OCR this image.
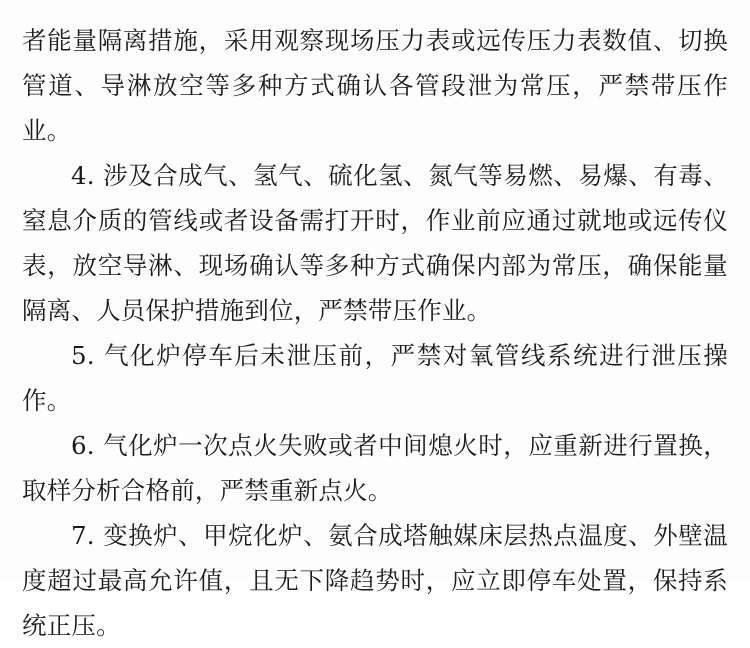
者能量隔离措施，采用观察现场压力表或远传压力表数值、切换管道、导淋放空等多种方式确认各管段泄为常压，严禁带压作业。

4. 涉及合成气、氢气、硫化氢、氮气等易燃、易爆、有毒、窒息介质的管线或者设备需打开时，作业前应通过就地或远传仪表，放空导淋、现场确认等多种方式确保内部为常压，确保能量隔离、人员保护措施到位，严禁带压作业。

5. 气化炉停车后未泄压前，严禁对氧管线系统进行泄压操作。

6. 气化炉一次点火失败或者中间熄火时，应重新进行置换，取样分析合格前，严禁重新点火。

7. 变换炉、甲烷化炉、氨合成塔触媒床层热点温度、外壁温度超过最高允许值，且无下降趋势时，应立即停车处置，保持系统正压。
